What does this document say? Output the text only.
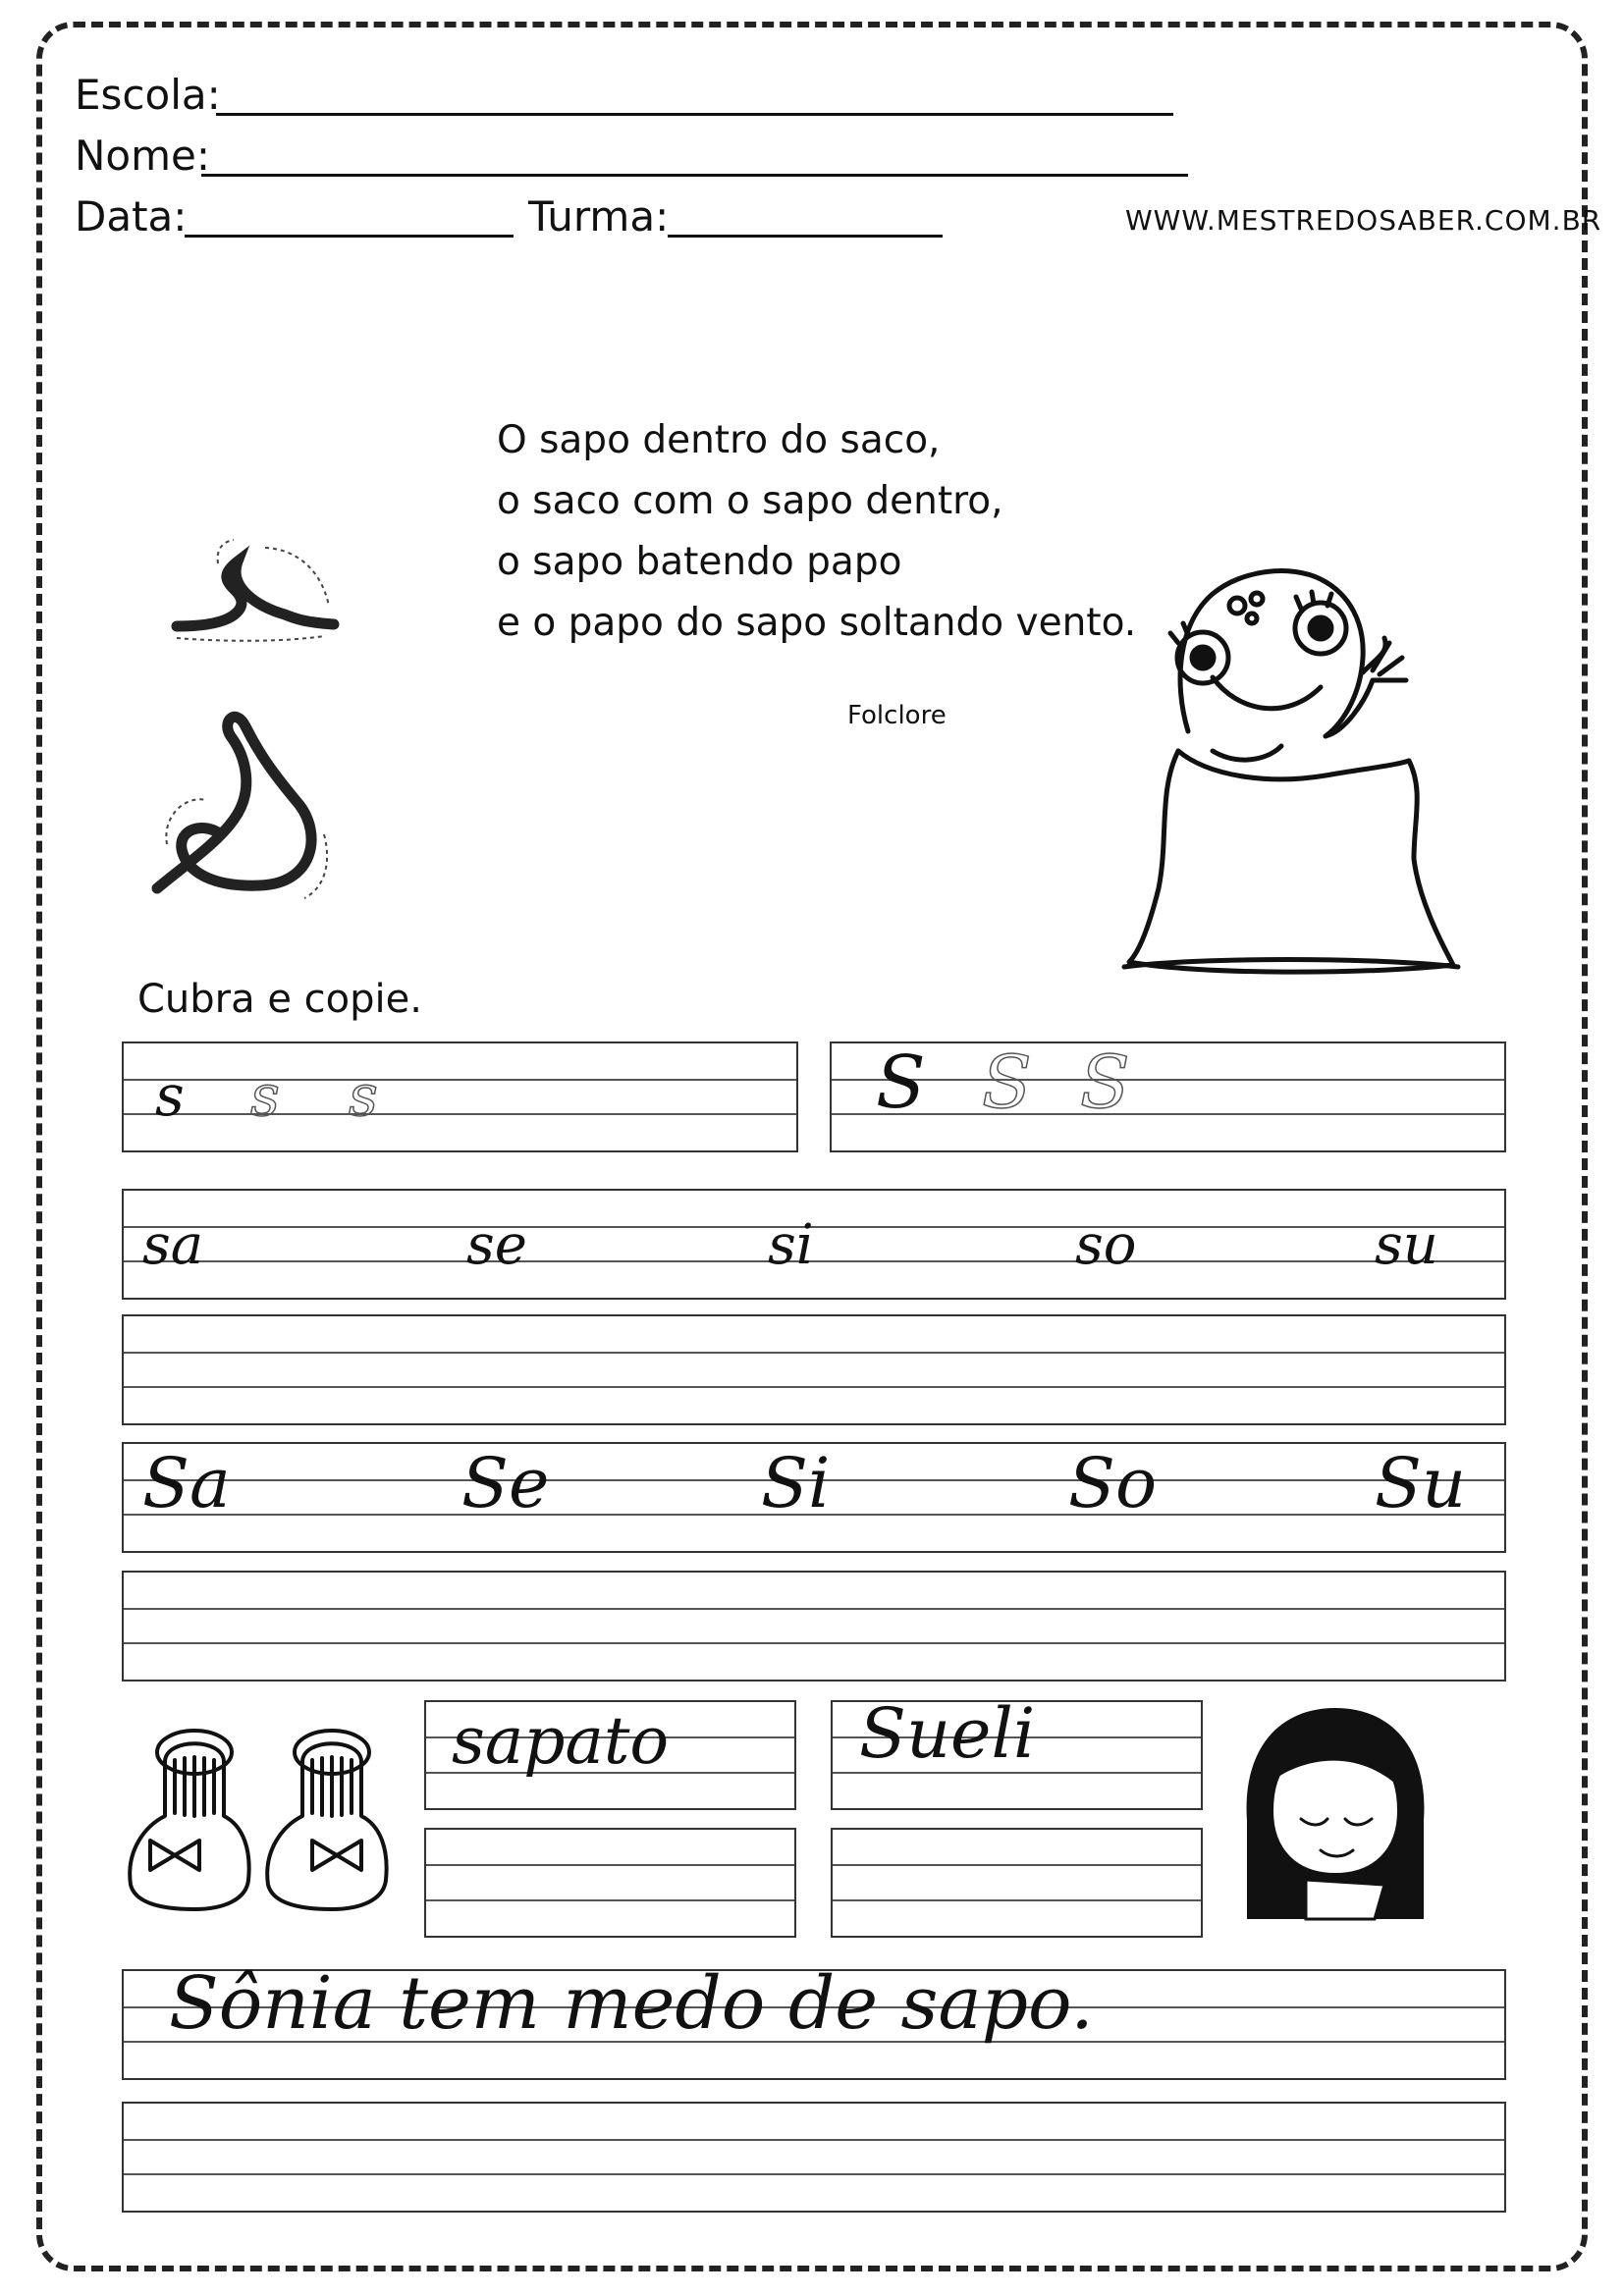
Escola:
Nome:
Data:	Turma:	WWW.MESTREDOSABER.COM.BR
O sapo dentro do saco,
o saco com o sapo dentro,
o sapo batendo papo
e o papo do sapo soltando vento.
Folclore
Cubra e copie.
s s s	S S S
sa	se	si	so	su
Sa	Se	Si	So	Su
sapato	Sueli
Sônia tem medo de sapo.
